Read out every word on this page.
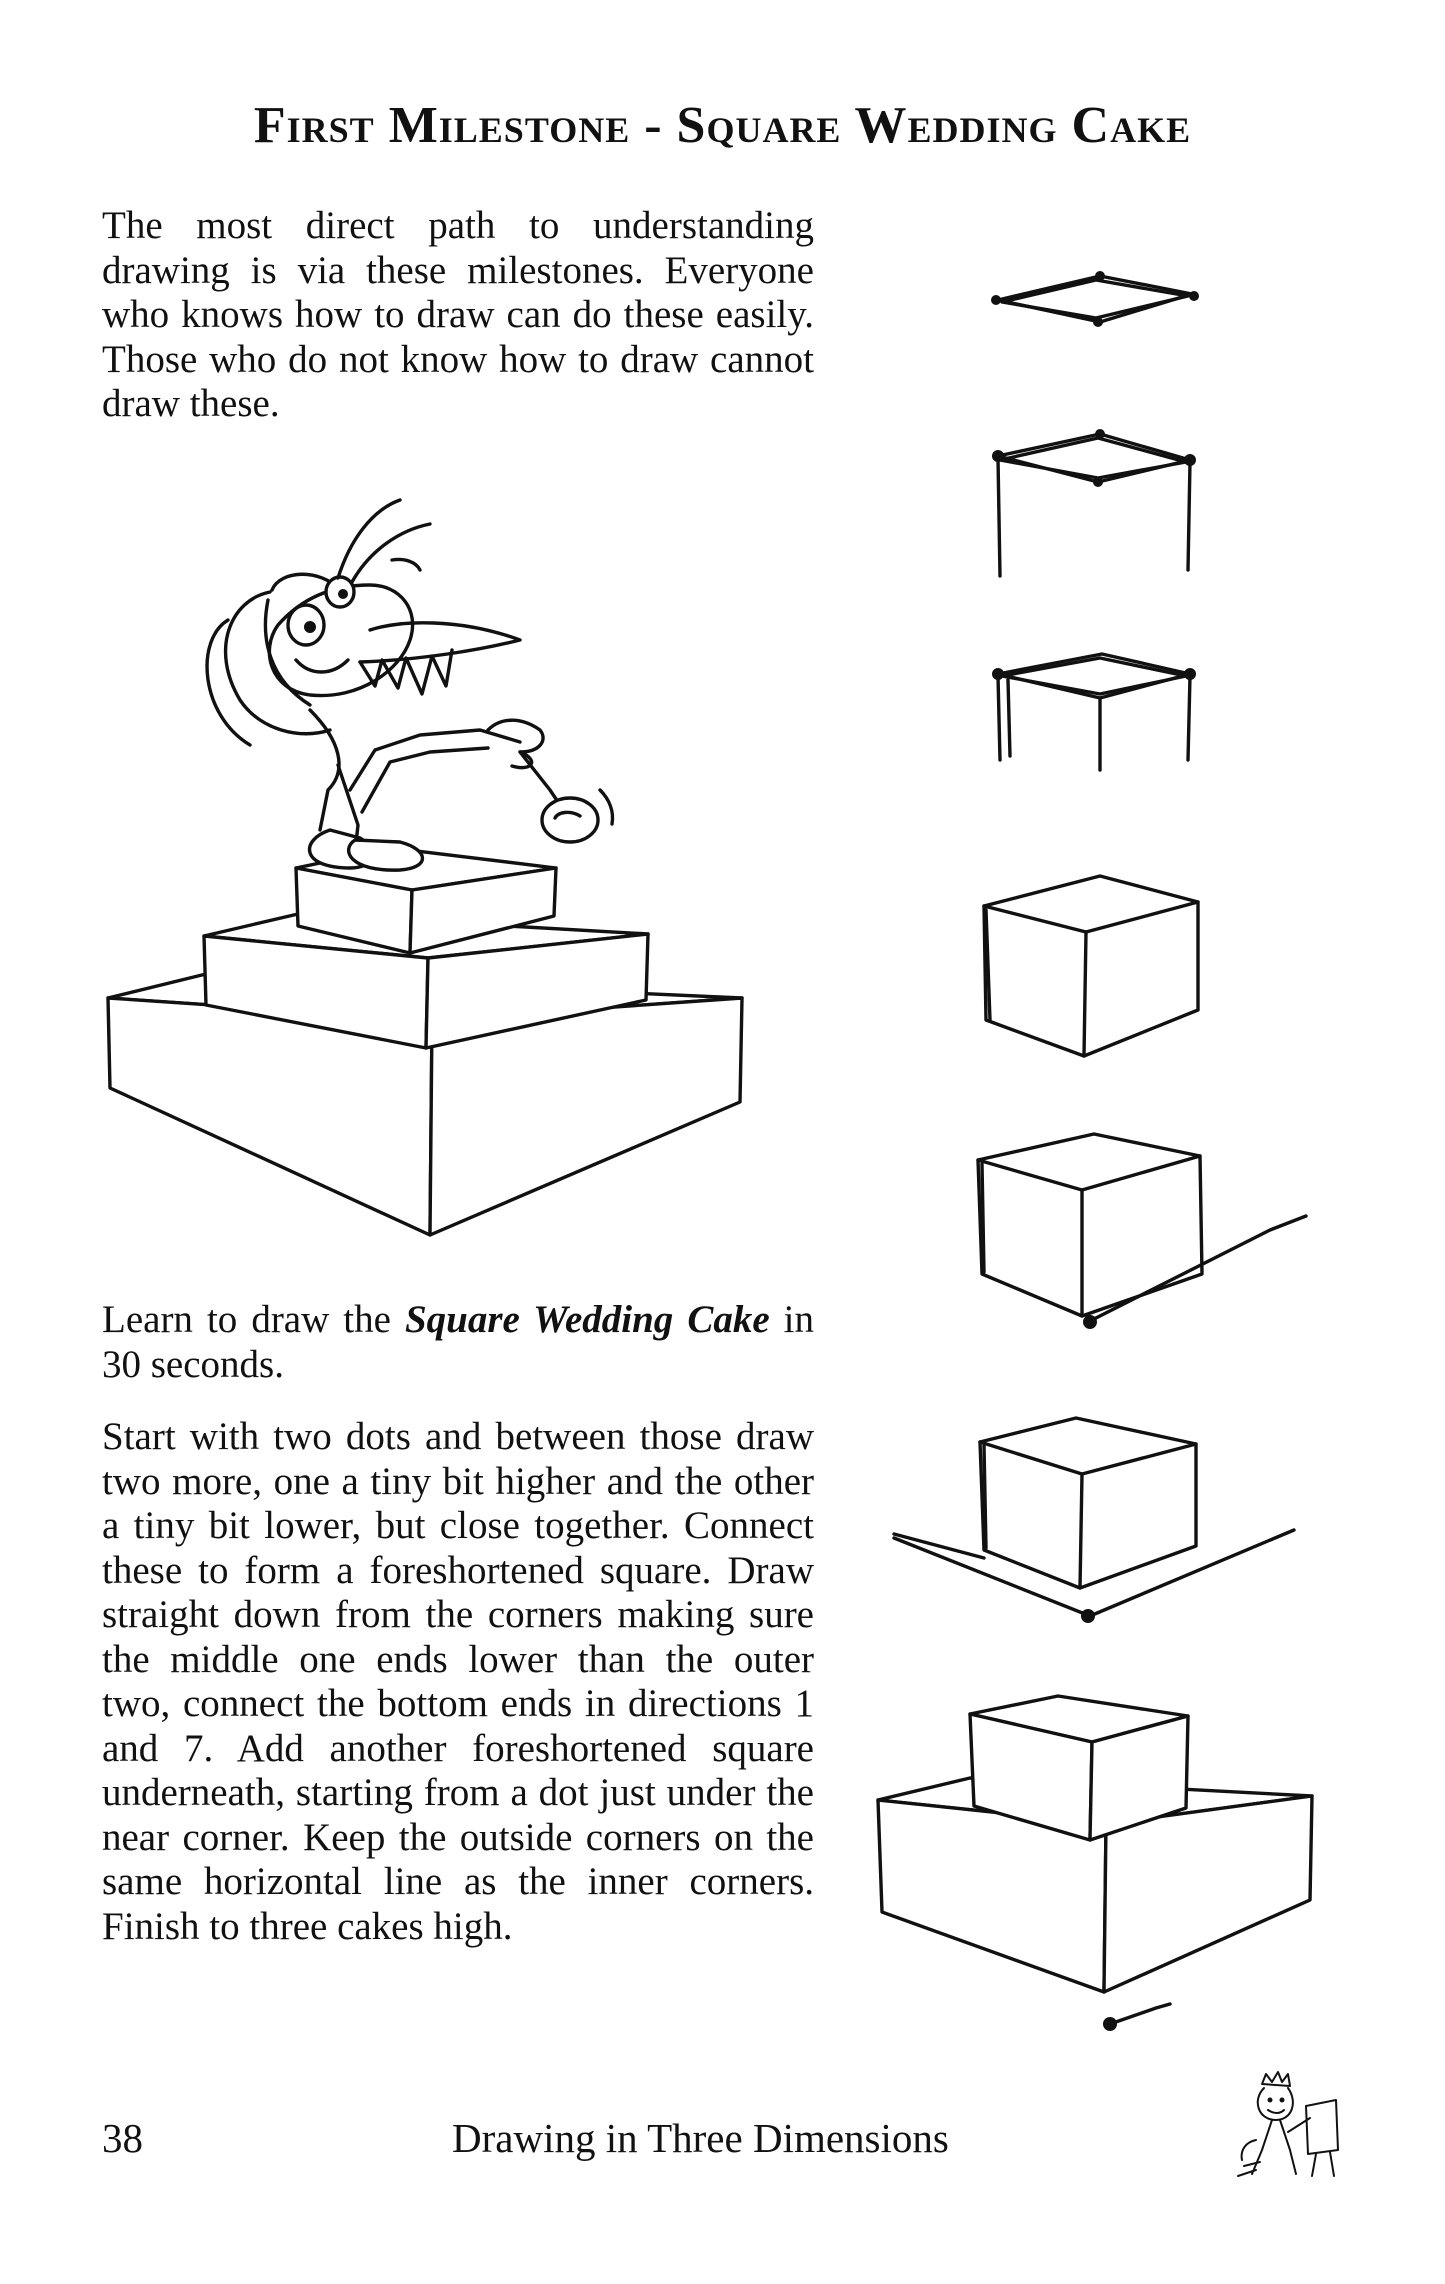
First Milestone - Square Wedding Cake

The most direct path to understanding drawing is via these milestones. Everyone who knows how to draw can do these easily. Those who do not know how to draw cannot draw these.

Learn to draw the Square Wedding Cake in 30 seconds.

Start with two dots and between those draw two more, one a tiny bit higher and the other a tiny bit lower, but close together. Connect these to form a foreshortened square. Draw straight down from the corners making sure the middle one ends lower than the outer two, connect the bottom ends in directions 1 and 7. Add another foreshortened square underneath, starting from a dot just under the near corner. Keep the outside corners on the same horizontal line as the inner corners. Finish to three cakes high.

38	Drawing in Three Dimensions
